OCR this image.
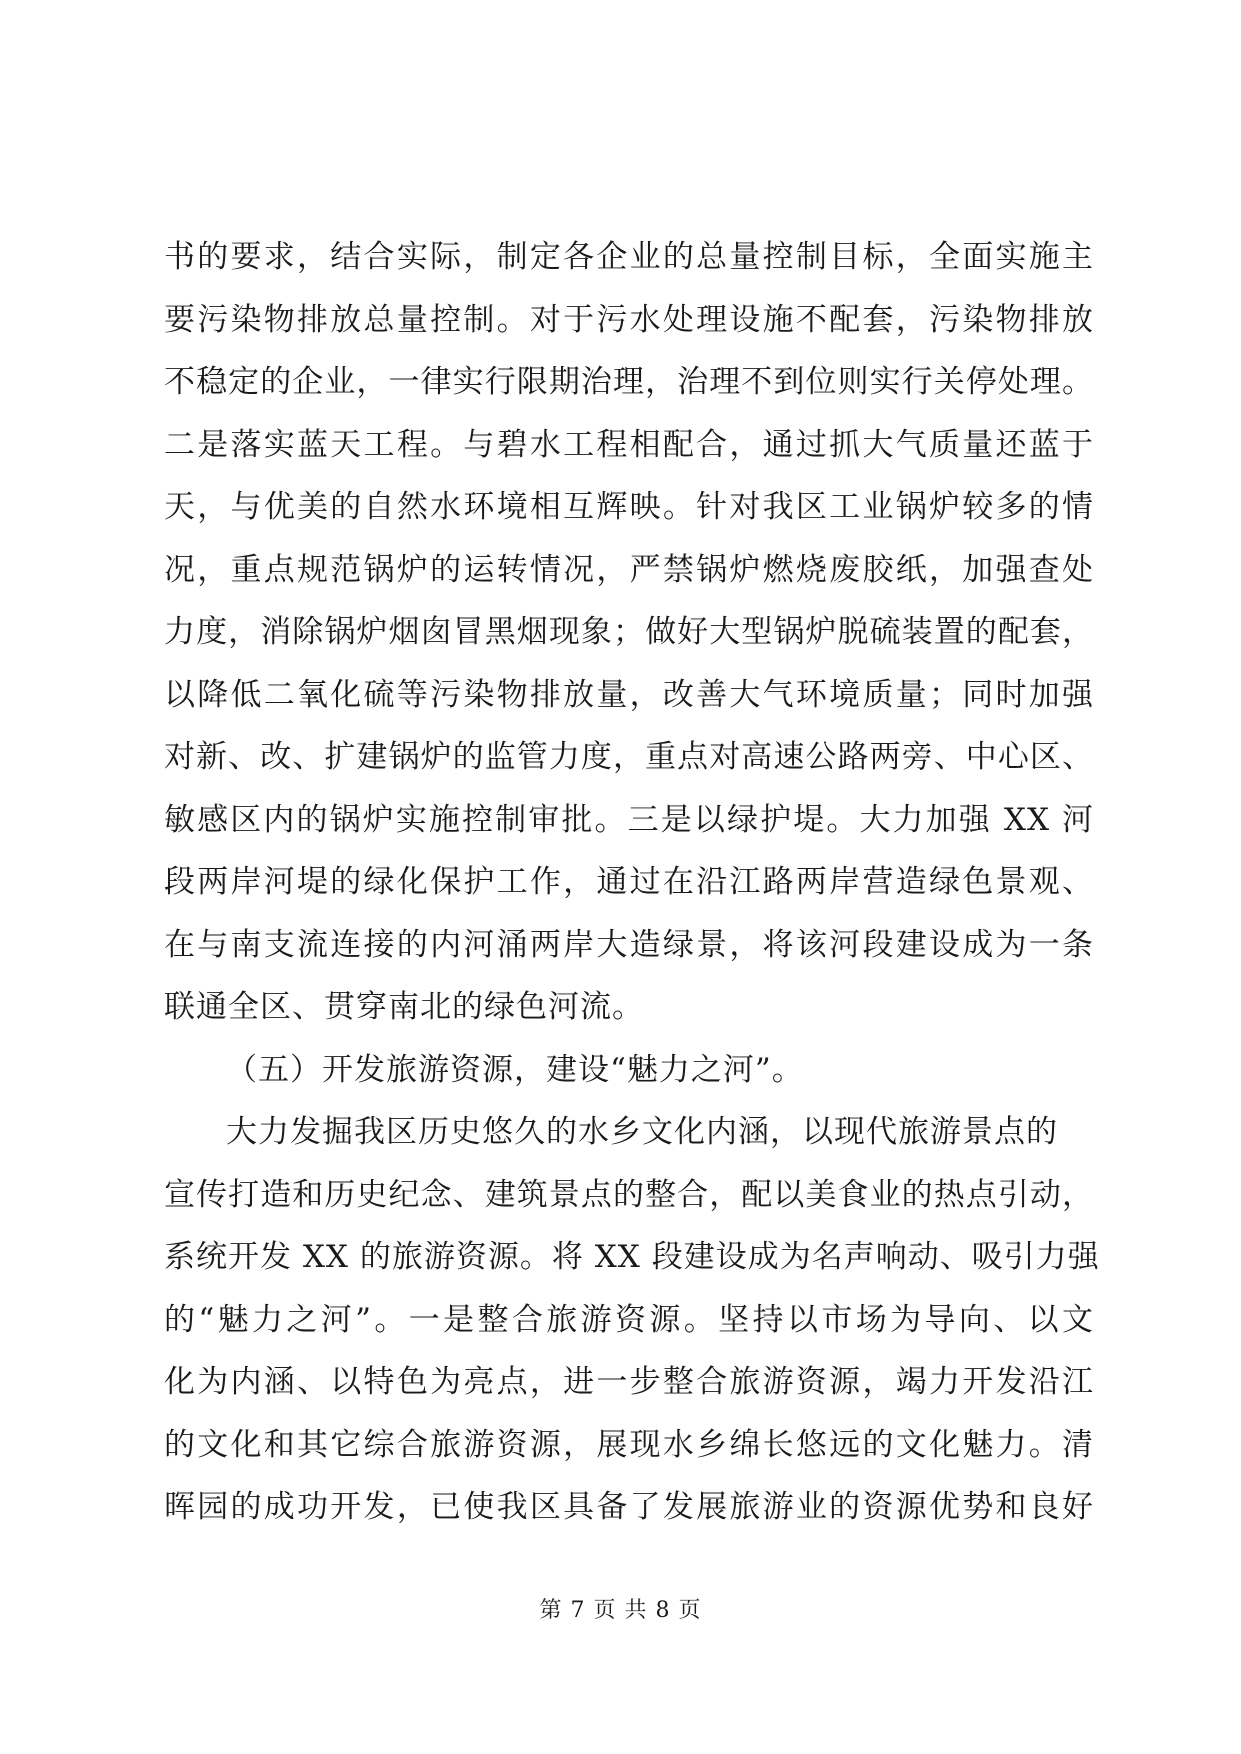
书的要求，结合实际，制定各企业的总量控制目标，全面实施主
要污染物排放总量控制。对于污水处理设施不配套，污染物排放
不稳定的企业，一律实行限期治理，治理不到位则实行关停处理。
二是落实蓝天工程。与碧水工程相配合，通过抓大气质量还蓝于
天，与优美的自然水环境相互辉映。针对我区工业锅炉较多的情
况，重点规范锅炉的运转情况，严禁锅炉燃烧废胶纸，加强查处
力度，消除锅炉烟囱冒黑烟现象；做好大型锅炉脱硫装置的配套，
以降低二氧化硫等污染物排放量，改善大气环境质量；同时加强
对新、改、扩建锅炉的监管力度，重点对高速公路两旁、中心区、
敏感区内的锅炉实施控制审批。三是以绿护堤。大力加强 XX 河
段两岸河堤的绿化保护工作，通过在沿江路两岸营造绿色景观、
在与南支流连接的内河涌两岸大造绿景，将该河段建设成为一条
联通全区、贯穿南北的绿色河流。
（五）开发旅游资源，建设“魅力之河”。
大力发掘我区历史悠久的水乡文化内涵，以现代旅游景点的
宣传打造和历史纪念、建筑景点的整合，配以美食业的热点引动，
系统开发 XX 的旅游资源。将 XX 段建设成为名声响动、吸引力强
的“魅力之河”。一是整合旅游资源。坚持以市场为导向、以文
化为内涵、以特色为亮点，进一步整合旅游资源，竭力开发沿江
的文化和其它综合旅游资源，展现水乡绵长悠远的文化魅力。清
晖园的成功开发，已使我区具备了发展旅游业的资源优势和良好
第 7 页 共 8 页
